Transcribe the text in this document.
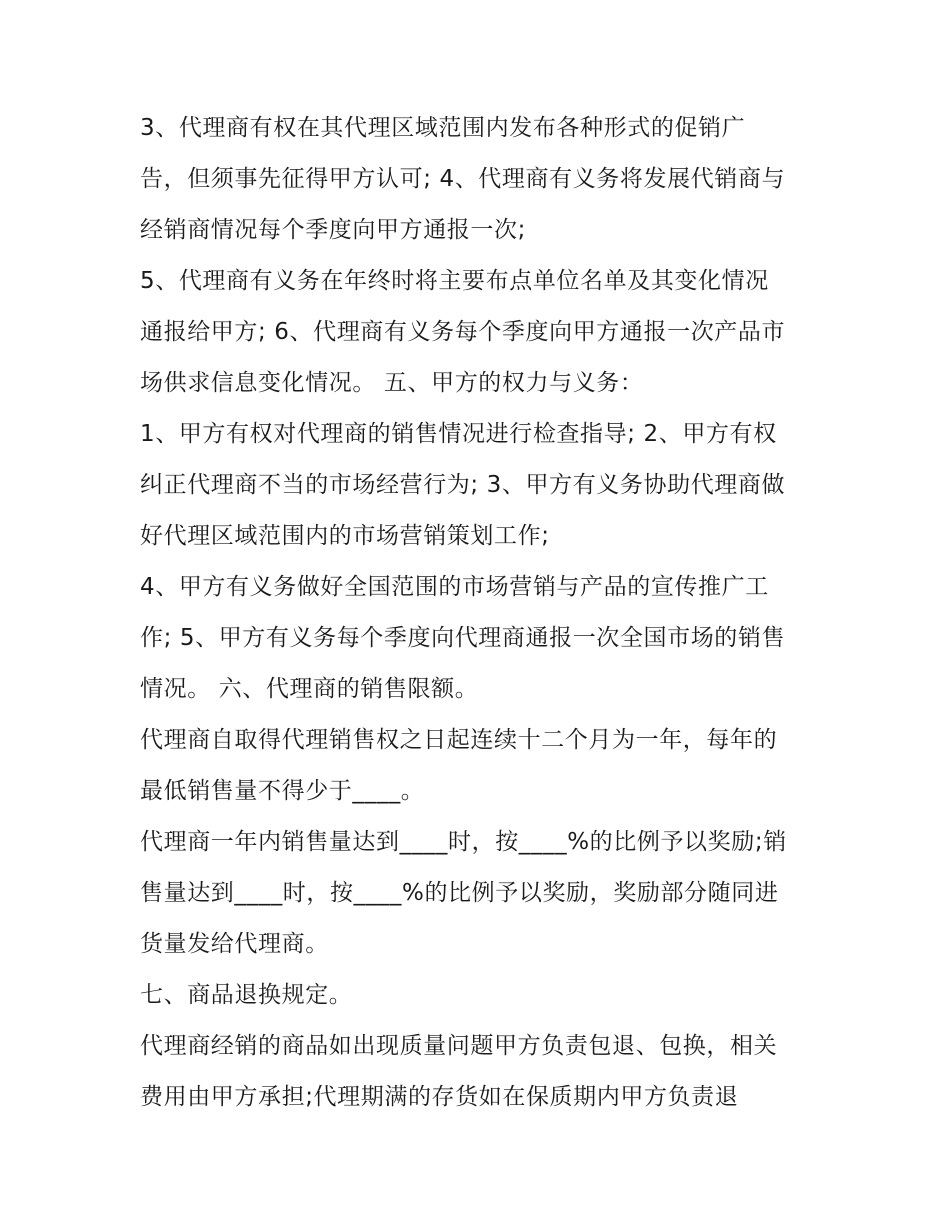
3、代理商有权在其代理区域范围内发布各种形式的促销广
告，但须事先征得甲方认可; 4、代理商有义务将发展代销商与
经销商情况每个季度向甲方通报一次;
5、代理商有义务在年终时将主要布点单位名单及其变化情况
通报给甲方; 6、代理商有义务每个季度向甲方通报一次产品市
场供求信息变化情况。 五、甲方的权力与义务：
1、甲方有权对代理商的销售情况进行检查指导; 2、甲方有权
纠正代理商不当的市场经营行为; 3、甲方有义务协助代理商做
好代理区域范围内的市场营销策划工作;
4、甲方有义务做好全国范围的市场营销与产品的宣传推广工
作; 5、甲方有义务每个季度向代理商通报一次全国市场的销售
情况。 六、代理商的销售限额。
代理商自取得代理销售权之日起连续十二个月为一年，每年的
最低销售量不得少于____。
代理商一年内销售量达到____时，按____%的比例予以奖励;销
售量达到____时，按____%的比例予以奖励，奖励部分随同进
货量发给代理商。
七、商品退换规定。
代理商经销的商品如出现质量问题甲方负责包退、包换，相关
费用由甲方承担;代理期满的存货如在保质期内甲方负责退
